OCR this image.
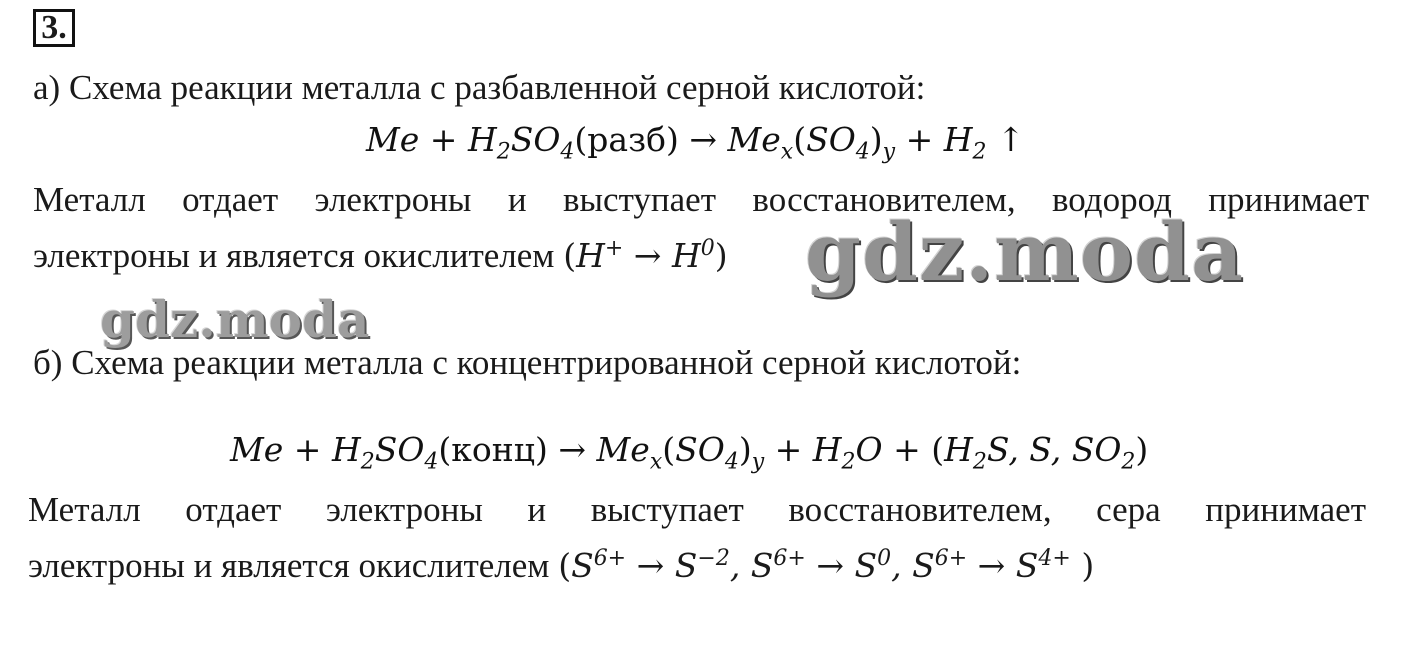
3.
а) Схема реакции металла с разбавленной серной кислотой:
$Me + H_2SO_4(разб) \to Me_x(SO_4)_y + H_2$ ↑
Металл отдает электроны и выступает восстановителем, водород принимает
электроны и является окислителем $(H^+ \to H^0)$
б) Схема реакции металла с концентрированной серной кислотой:
$Me + H_2SO_4(конц) \to Me_x(SO_4)_y + H_2O + (H_2S$, S, $SO_2$)
Металл отдает электроны и выступает восстановителем, сера принимает
электроны и является окислителем ($S^{6+} \to S^{-2}$, $S^{6+} \to S^0$, $S^{6+} \to S^{4+}$ )
gdz.moda
gdz.moda
